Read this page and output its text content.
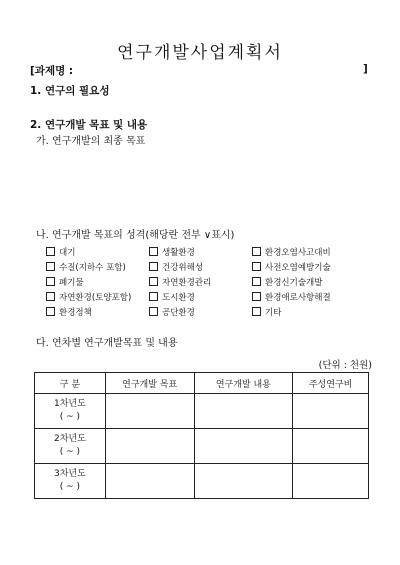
연구개발사업계획서
[과제명 :	]
1. 연구의 필요성
2. 연구개발 목표 및 내용
가. 연구개발의 최종 목표
나. 연구개발 목표의 성격(해당란 전부 ∨표시)
대기	생활환경	환경오염사고대비
수질(지하수 포함)	건강위해성	사전오염예방기술
폐기물	자연환경관리	환경신기술개발
자연환경(토양포함)	도시환경	환경애로사항해결
환경정책	공단환경	기타
다. 연차별 연구개발목표 및 내용
(단위 : 천원)
구 분	연구개발 목표	연구개발 내용	주성연구비

1차년도
( ~ )			

2차년도
( ~ )			

3차년도
( ~ )			
